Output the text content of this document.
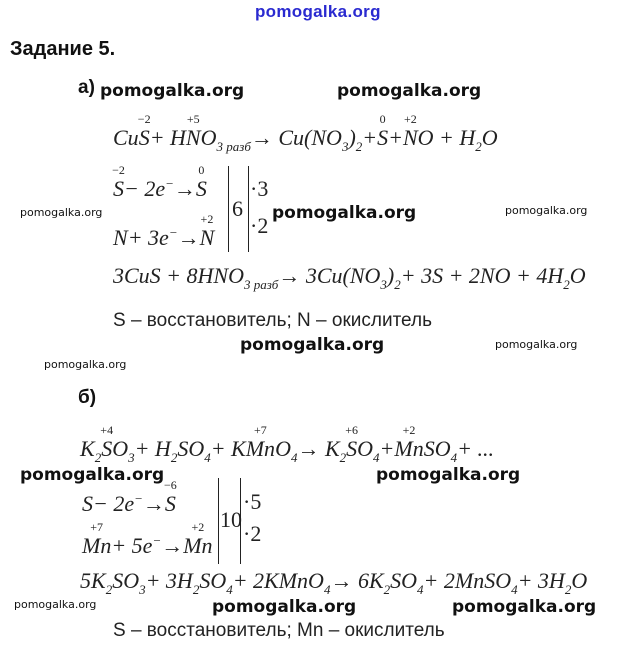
pomogalka.org
Задание 5.
а) pomogalka.org	pomogalka.org
CuS
−2
+ HN
+5
$O_{3 разб}\to Cu(NO_3)_2+S$
0
+N
+2
$O + H_2O$
S
−2
− 2e−→S
0
N+ 3e−→N
+2 6
·3
·2
pomogalka.org	pomogalka.org	pomogalka.org
$3CuS + 8HNO_{3 разб}\to 3Cu(NO_3)_2+ 3S + 2NO + 4H_2O$
S – восстановитель; N – окислитель
pomogalka.org	pomogalka.org
pomogalka.org
б)
$K_2S$
+4
$O_3+ H_2SO_4+$ KMn
+7
$O_4\to K_2S$
+6
$O_4+Mn$
+2
$SO_4+$ ...
pomogalka.org	pomogalka.org
S− 2e−→S
−6
Mn
+7
+ 5e−→Mn
+2 10
·5
·2
$5K_2SO_3+ 3H_2SO_4+$ 2KMnO$_4$→ $6K_2SO_4+$ 2MnSO$_4$+ $3H_2O$
pomogalka.org	pomogalka.org	pomogalka.org
S – восстановитель; Mn – окислитель
